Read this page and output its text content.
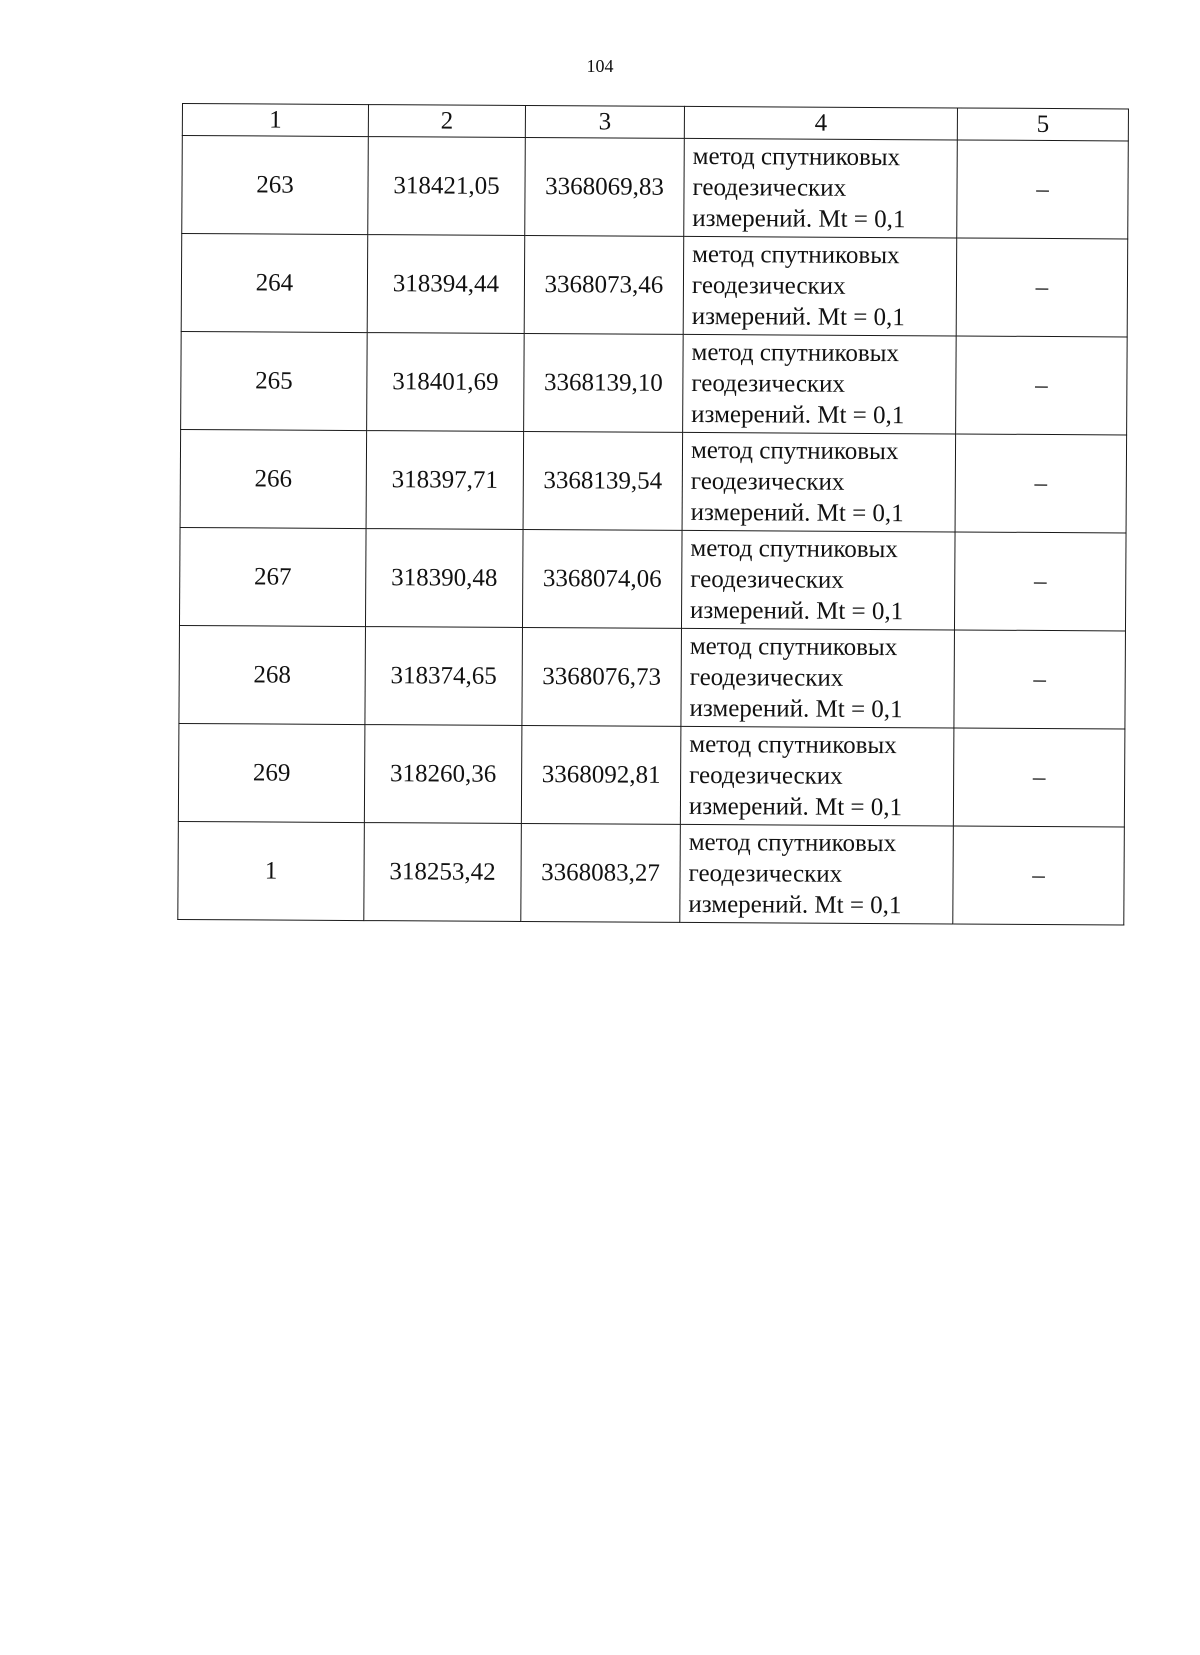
104
1	2	3	4	5
263	318421,05	3368069,83	метод спутниковых
геодезических
измерений. Mt = 0,1	–
264	318394,44	3368073,46	метод спутниковых
геодезических
измерений. Mt = 0,1	–
265	318401,69	3368139,10	метод спутниковых
геодезических
измерений. Mt = 0,1	–
266	318397,71	3368139,54	метод спутниковых
геодезических
измерений. Mt = 0,1	–
267	318390,48	3368074,06	метод спутниковых
геодезических
измерений. Mt = 0,1	–
268	318374,65	3368076,73	метод спутниковых
геодезических
измерений. Mt = 0,1	–
269	318260,36	3368092,81	метод спутниковых
геодезических
измерений. Mt = 0,1	–
1	318253,42	3368083,27	метод спутниковых
геодезических
измерений. Mt = 0,1	–
